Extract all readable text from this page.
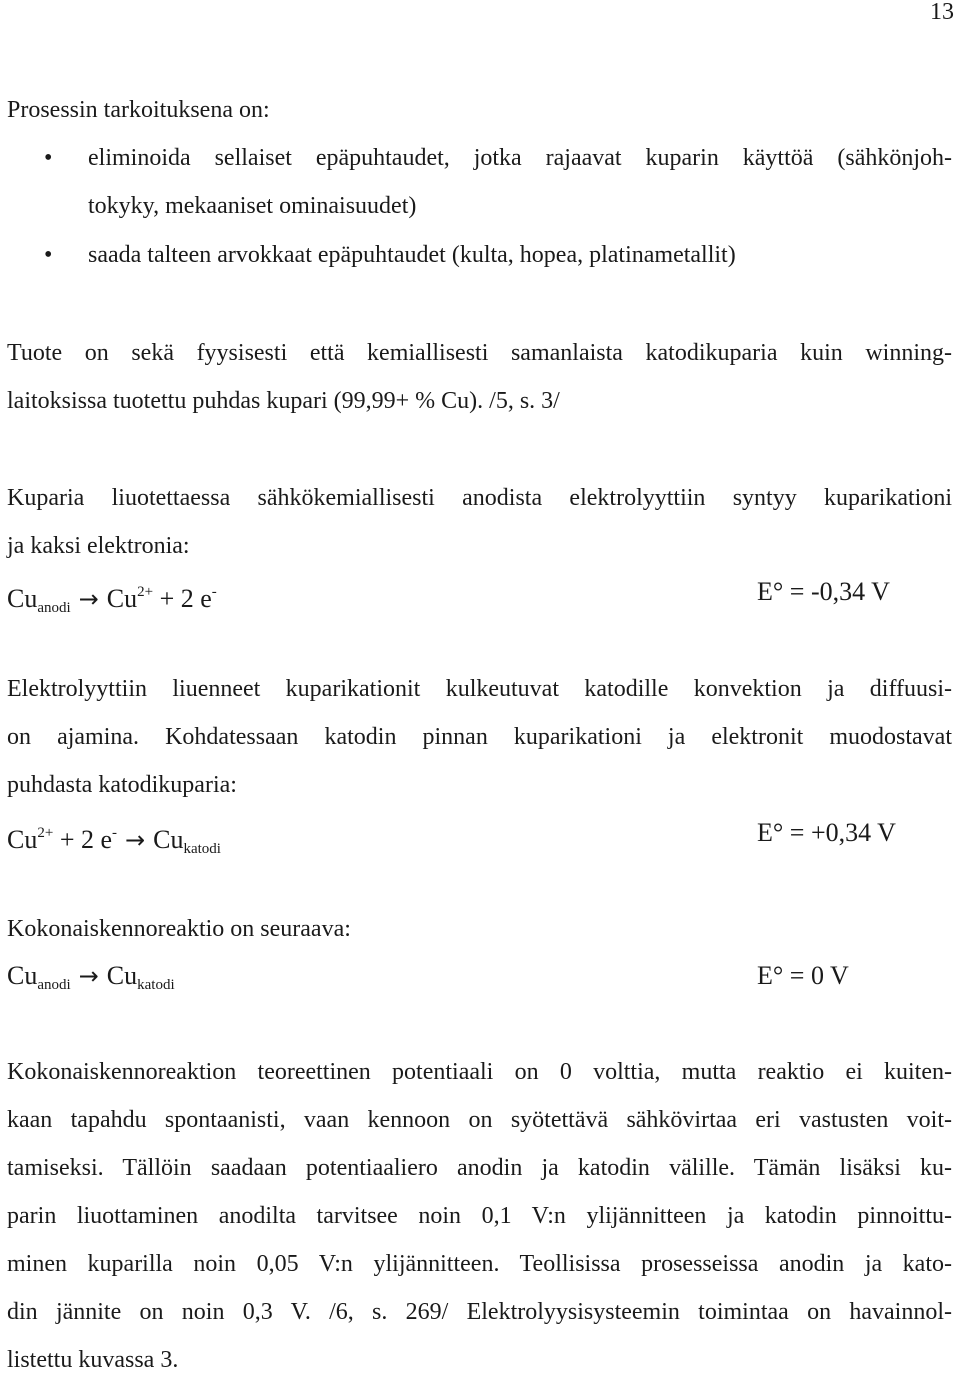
13
Prosessin tarkoituksena on:
• eliminoida sellaiset epäpuhtaudet, jotka rajaavat kuparin käyttöä (sähkönjoh-
tokyky, mekaaniset ominaisuudet)
• saada talteen arvokkaat epäpuhtaudet (kulta, hopea, platinametallit)
Tuote on sekä fyysisesti että kemiallisesti samanlaista katodikuparia kuin winning-
laitoksissa tuotettu puhdas kupari (99,99+ % Cu). /5, s. 3/
Kuparia liuotettaessa sähkökemiallisesti anodista elektrolyyttiin syntyy kuparikationi
ja kaksi elektronia:
$Cu_{anodi} \to Cu^{2+} + 2$ e-	E° = -0,34 V
Elektrolyyttiin liuenneet kuparikationit kulkeutuvat katodille konvektion ja diffuusi-
on ajamina. Kohdatessaan katodin pinnan kuparikationi ja elektronit muodostavat
puhdasta katodikuparia:
$Cu^{2+} + 2$ $e^- \to Cu_{katodi}$
E° = +0,34 V
Kokonaiskennoreaktio on seuraava:
$Cu_{anodi} \to Cu_{katodi}$	E° = 0 V
Kokonaiskennoreaktion teoreettinen potentiaali on 0 volttia, mutta reaktio ei kuiten-
kaan tapahdu spontaanisti, vaan kennoon on syötettävä sähkövirtaa eri vastusten voit-
tamiseksi. Tällöin saadaan potentiaaliero anodin ja katodin välille. Tämän lisäksi ku-
parin liuottaminen anodilta tarvitsee noin 0,1 V:n ylijännitteen ja katodin pinnoittu-
minen kuparilla noin 0,05 V:n ylijännitteen. Teollisissa prosesseissa anodin ja kato-
din jännite on noin 0,3 V. /6, s. 269/ Elektrolyysisysteemin toimintaa on havainnol-
listettu kuvassa 3.
